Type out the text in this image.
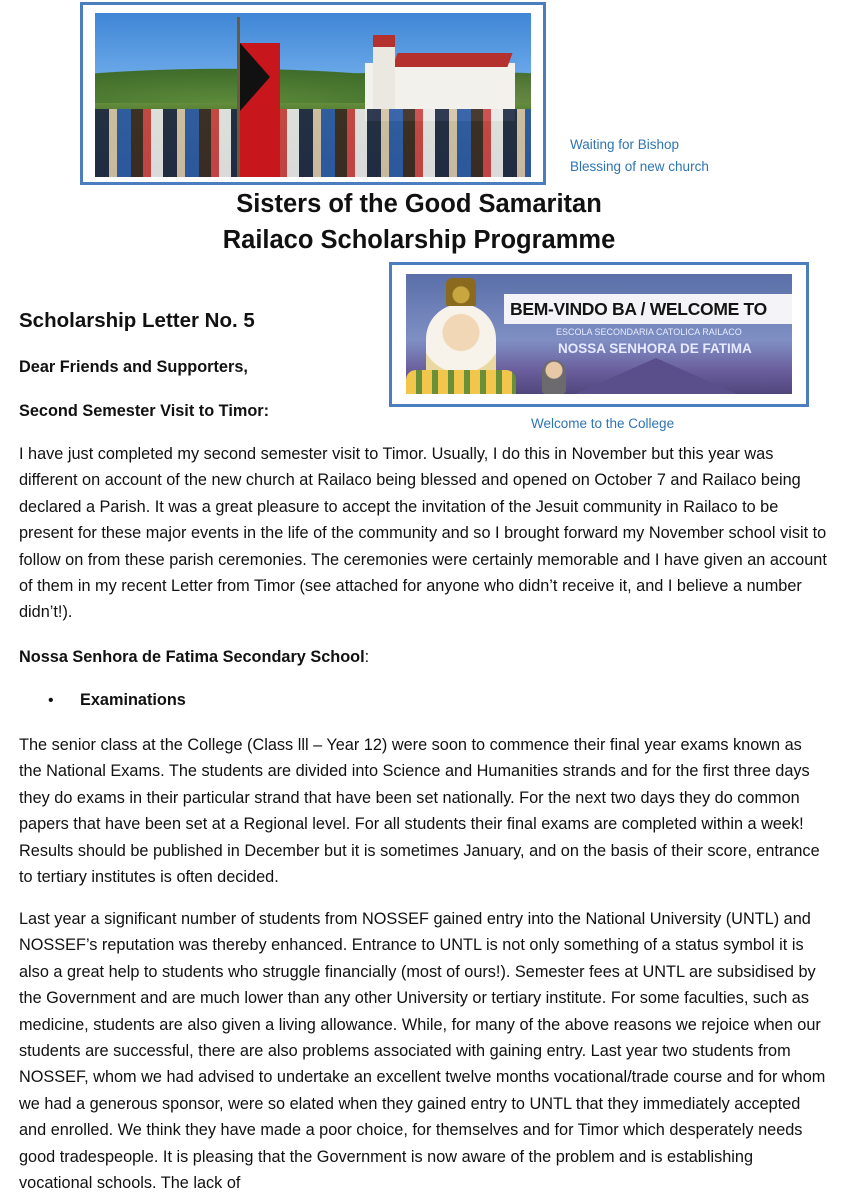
Waiting for Bishop
Blessing of new church
Sisters of the Good Samaritan
Railaco Scholarship Programme
BEM-VINDO BA / WELCOME TO
ESCOLA SECONDARIA CATOLICA RAILACO
NOSSA SENHORA DE FATIMA
Welcome to the College
Scholarship Letter No. 5
Dear Friends and Supporters,
Second Semester Visit to Timor:
I have just completed my second semester visit to Timor. Usually, I do this in November but this year was different on account of the new church at Railaco being blessed and opened on October 7 and Railaco being declared a Parish. It was a great pleasure to accept the invitation of the Jesuit community in Railaco to be present for these major events in the life of the community and so I brought forward my November school visit to follow on from these parish ceremonies. The ceremonies were certainly memorable and I have given an account of them in my recent Letter from Timor (see attached for anyone who didn’t receive it, and I believe a number didn’t!).
Nossa Senhora de Fatima Secondary School:
• Examinations
The senior class at the College (Class lll – Year 12) were soon to commence their final year exams known as the National Exams. The students are divided into Science and Humanities strands and for the first three days they do exams in their particular strand that have been set nationally. For the next two days they do common papers that have been set at a Regional level. For all students their final exams are completed within a week! Results should be published in December but it is sometimes January, and on the basis of their score, entrance to tertiary institutes is often decided.
Last year a significant number of students from NOSSEF gained entry into the National University (UNTL) and NOSSEF’s reputation was thereby enhanced. Entrance to UNTL is not only something of a status symbol it is also a great help to students who struggle financially (most of ours!). Semester fees at UNTL are subsidised by the Government and are much lower than any other University or tertiary institute. For some faculties, such as medicine, students are also given a living allowance. While, for many of the above reasons we rejoice when our students are successful, there are also problems associated with gaining entry. Last year two students from NOSSEF, whom we had advised to undertake an excellent twelve months vocational/trade course and for whom we had a generous sponsor, were so elated when they gained entry to UNTL that they immediately accepted and enrolled. We think they have made a poor choice, for themselves and for Timor which desperately needs good tradespeople. It is pleasing that the Government is now aware of the problem and is establishing vocational schools. The lack of
